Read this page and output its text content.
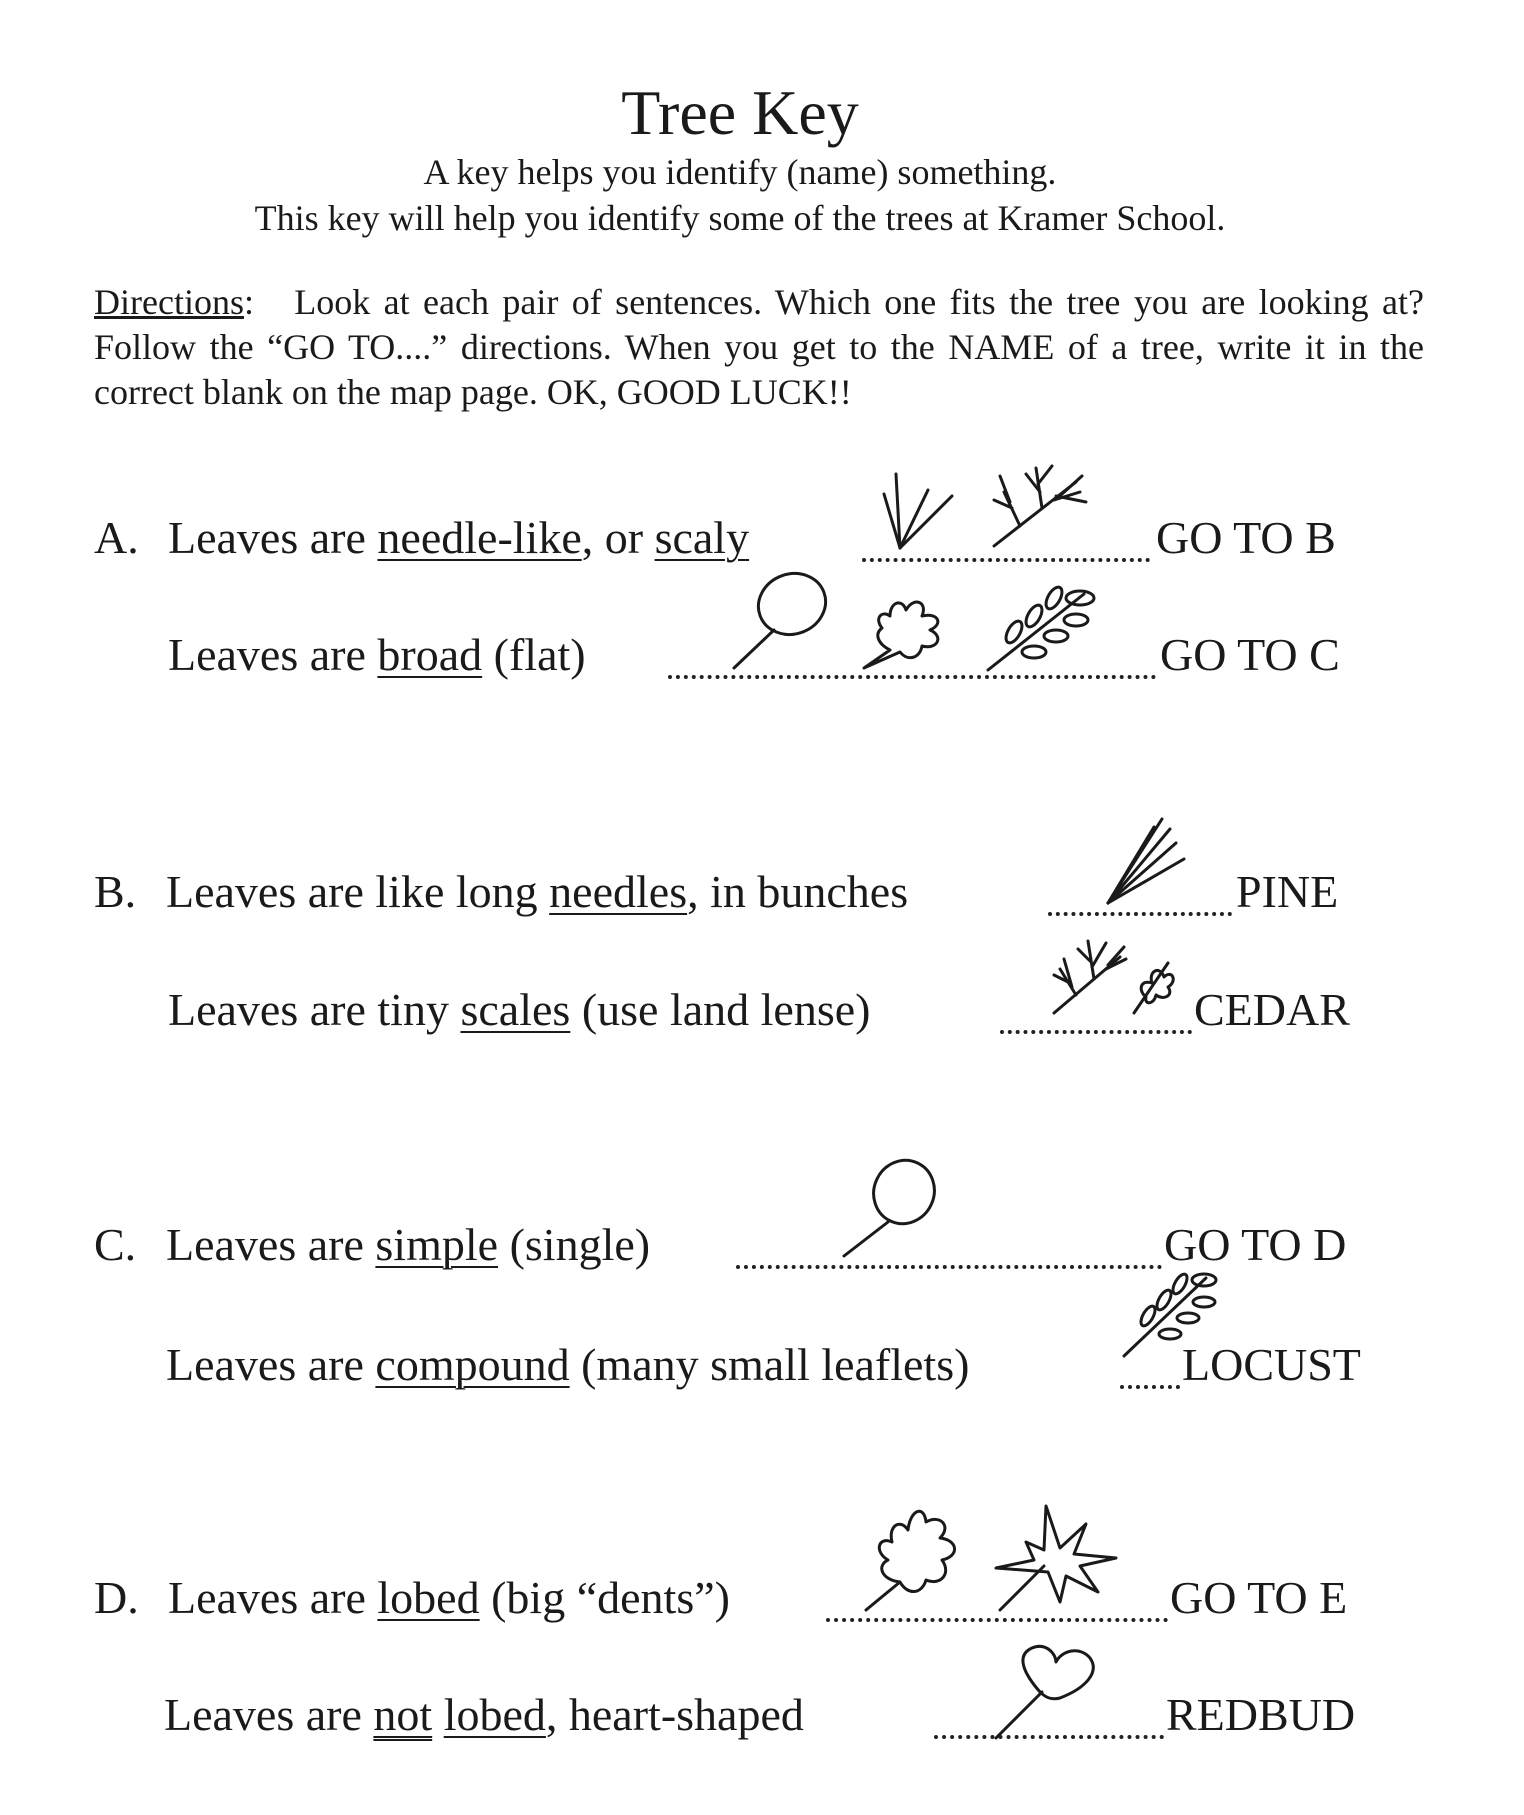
Tree Key
A key helps you identify (name) something.
This key will help you identify some of the trees at Kramer School.
Directions:   Look at each pair of sentences. Which one fits the tree you are looking at? Follow the “GO TO....” directions. When you get to the NAME of a tree, write it in the correct blank on the map page. OK, GOOD LUCK!!
A. Leaves are needle-like, or scaly	GO TO B
Leaves are broad (flat)	GO TO C
B. Leaves are like long needles, in bunches	PINE
Leaves are tiny scales (use land lense)	CEDAR
C. Leaves are simple (single)	GO TO D
Leaves are compound (many small leaflets)	LOCUST
D. Leaves are lobed (big “dents”)	GO TO E
Leaves are not lobed, heart-shaped	REDBUD
